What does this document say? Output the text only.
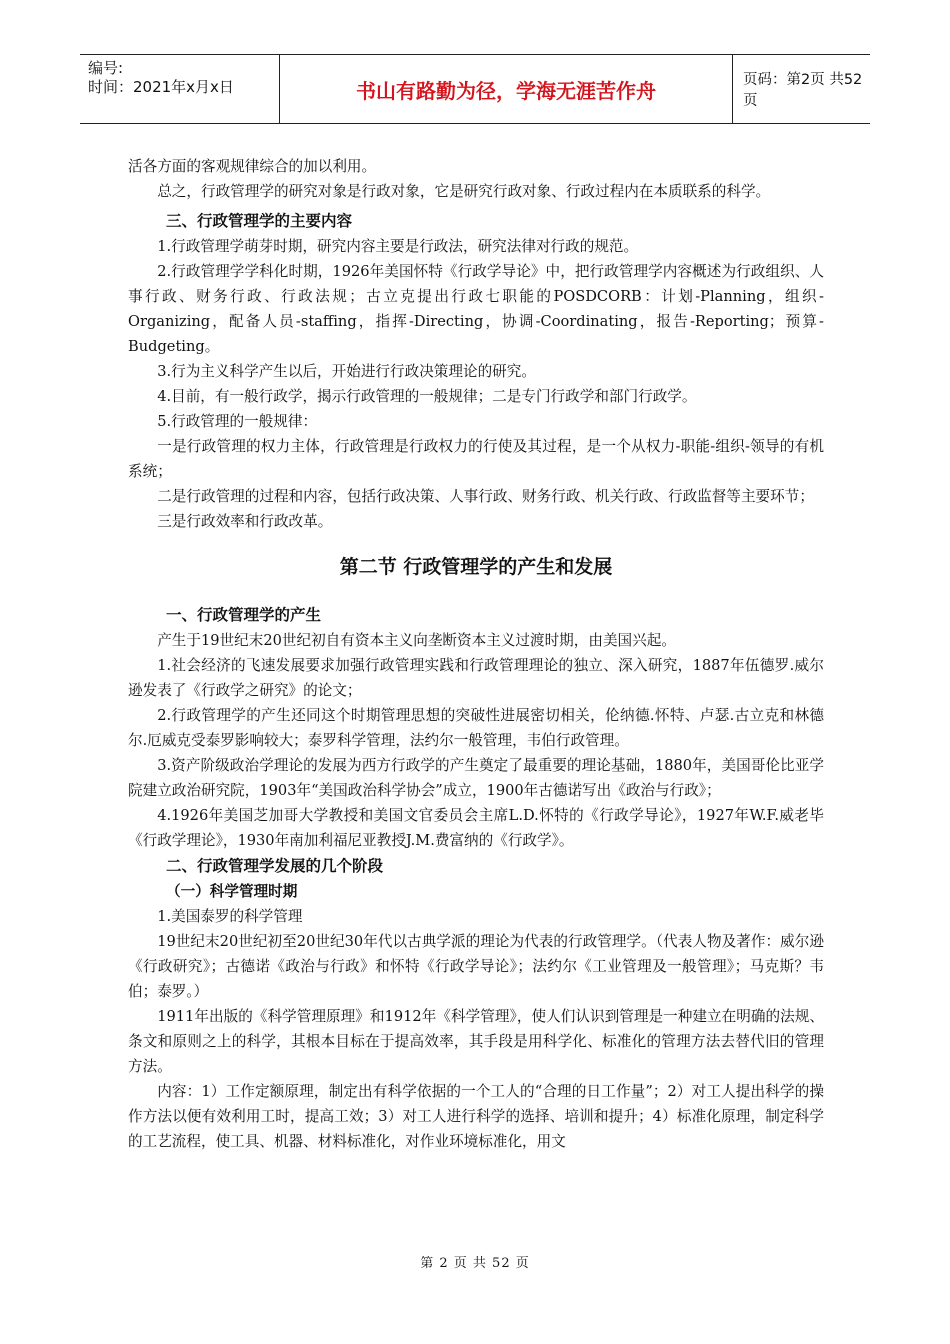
编号:
时间：2021年x月x日	书山有路勤为径，学海无涯苦作舟	页码：第2页 共52页

活各方面的客观规律综合的加以利用。

总之，行政管理学的研究对象是行政对象，它是研究行政对象、行政过程内在本质联系的科学。

三、行政管理学的主要内容

1.行政管理学萌芽时期，研究内容主要是行政法，研究法律对行政的规范。

2.行政管理学学科化时期，1926年美国怀特《行政学导论》中，把行政管理学内容概述为行政组织、人事行政、财务行政、行政法规；古立克提出行政七职能的POSDCORB：计划-Planning，组织-Organizing，配备人员-staffing，指挥-Directing，协调-Coordinating，报告-Reporting；预算-Budgeting。

3.行为主义科学产生以后，开始进行行政决策理论的研究。

4.目前，有一般行政学，揭示行政管理的一般规律；二是专门行政学和部门行政学。

5.行政管理的一般规律：

一是行政管理的权力主体，行政管理是行政权力的行使及其过程，是一个从权力-职能-组织-领导的有机系统；

二是行政管理的过程和内容，包括行政决策、人事行政、财务行政、机关行政、行政监督等主要环节；

三是行政效率和行政改革。

第二节 行政管理学的产生和发展

一、行政管理学的产生

产生于19世纪末20世纪初自有资本主义向垄断资本主义过渡时期，由美国兴起。

1.社会经济的飞速发展要求加强行政管理实践和行政管理理论的独立、深入研究，1887年伍德罗.威尔逊发表了《行政学之研究》的论文；

2.行政管理学的产生还同这个时期管理思想的突破性进展密切相关，伦纳德.怀特、卢瑟.古立克和林德尔.厄威克受泰罗影响较大；泰罗科学管理，法约尔一般管理，韦伯行政管理。

3.资产阶级政治学理论的发展为西方行政学的产生奠定了最重要的理论基础，1880年，美国哥伦比亚学院建立政治研究院，1903年“美国政治科学协会”成立，1900年古德诺写出《政治与行政》；

4.1926年美国芝加哥大学教授和美国文官委员会主席L.D.怀特的《行政学导论》，1927年W.F.威老毕《行政学理论》，1930年南加利福尼亚教授J.M.费富纳的《行政学》。

二、行政管理学发展的几个阶段

（一）科学管理时期

1.美国泰罗的科学管理

19世纪末20世纪初至20世纪30年代以古典学派的理论为代表的行政管理学。（代表人物及著作：威尔逊《行政研究》；古德诺《政治与行政》和怀特《行政学导论》；法约尔《工业管理及一般管理》；马克斯？韦伯；泰罗。）

1911年出版的《科学管理原理》和1912年《科学管理》，使人们认识到管理是一种建立在明确的法规、条文和原则之上的科学，其根本目标在于提高效率，其手段是用科学化、标准化的管理方法去替代旧的管理方法。

内容：1）工作定额原理，制定出有科学依据的一个工人的“合理的日工作量”；2）对工人提出科学的操作方法以便有效利用工时，提高工效；3）对工人进行科学的选择、培训和提升；4）标准化原理，制定科学的工艺流程，使工具、机器、材料标准化，对作业环境标准化，用文

第 2 页 共 52 页
